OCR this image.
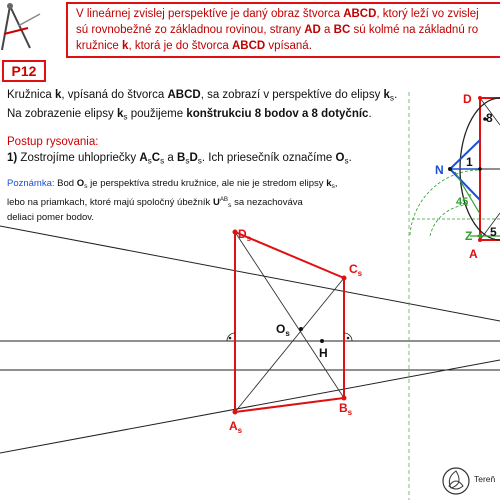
$D_s$
$C_s$
$O_s$
H
$B_s$
$A_s$
D
8
1
N
45°
Z 5
A
V lineárnej zvislej perspektíve je daný obraz štvorca ABCD, ktorý leží vo zvislej
sú rovnobežné zo základnou rovinou, strany AD a BC sú kolmé na základnú ro
kružnice k, ktorá je do štvorca ABCD vpísaná.
P12
Kružnica k, vpísaná do štvorca ABCD, sa zobrazí v perspektíve do elipsy $k_s$.
Na zobrazenie elipsy $k_s$ použijeme konštrukciu 8 bodov a 8 dotyčníc.
Postup rysovania:
1) Zostrojíme uhlopriečky $A_sC_s$ a $B_sD_s$. Ich priesečník označíme $O_s$.
Poznámka: Bod $O_s$ je perspektíva stredu kružnice, ale nie je stredom elipsy $k_s$,
lebo na priamkach, ktoré majú spoločný úbežník $U^{AB}_s$ sa nezachováva
deliaci pomer bodov.
Tereň
